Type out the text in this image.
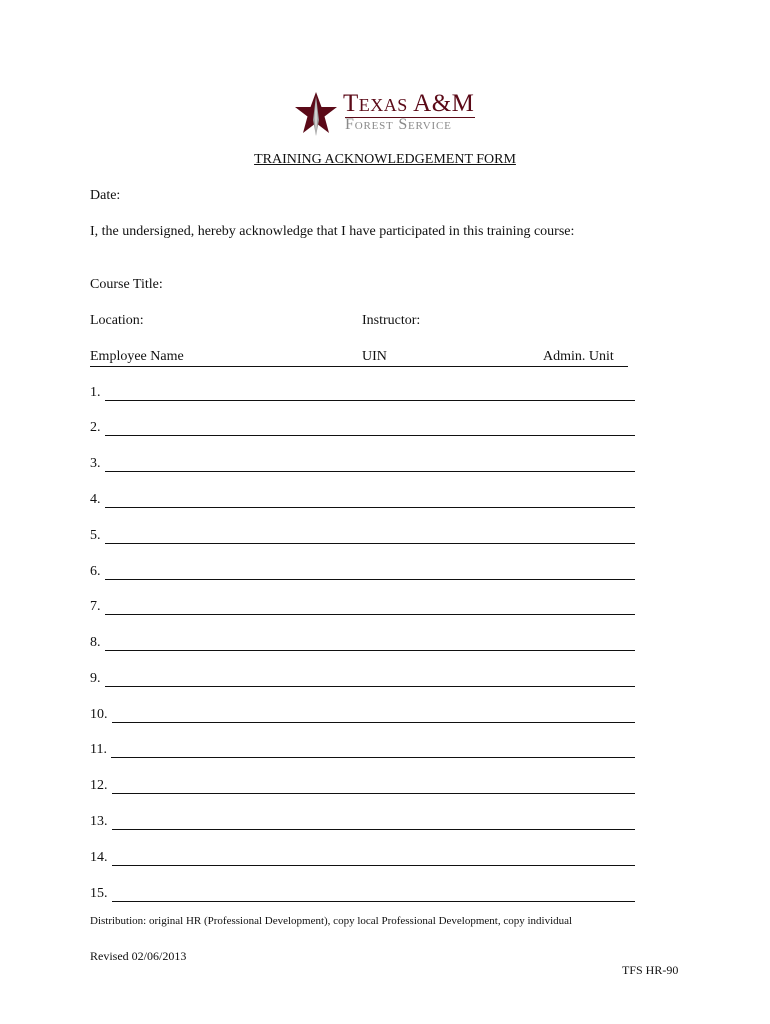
Texas A&M
Forest Service
TRAINING ACKNOWLEDGEMENT FORM
Date:
I, the undersigned, hereby acknowledge that I have participated in this training course:
Course Title:
Location:	Instructor:
Employee Name	UIN	Admin. Unit
1.
2.
3.
4.
5.
6.
7.
8.
9.
10.
11.
12.
13.
14.
15.
Distribution: original HR (Professional Development), copy local Professional Development, copy individual
Revised 02/06/2013
TFS HR-90
